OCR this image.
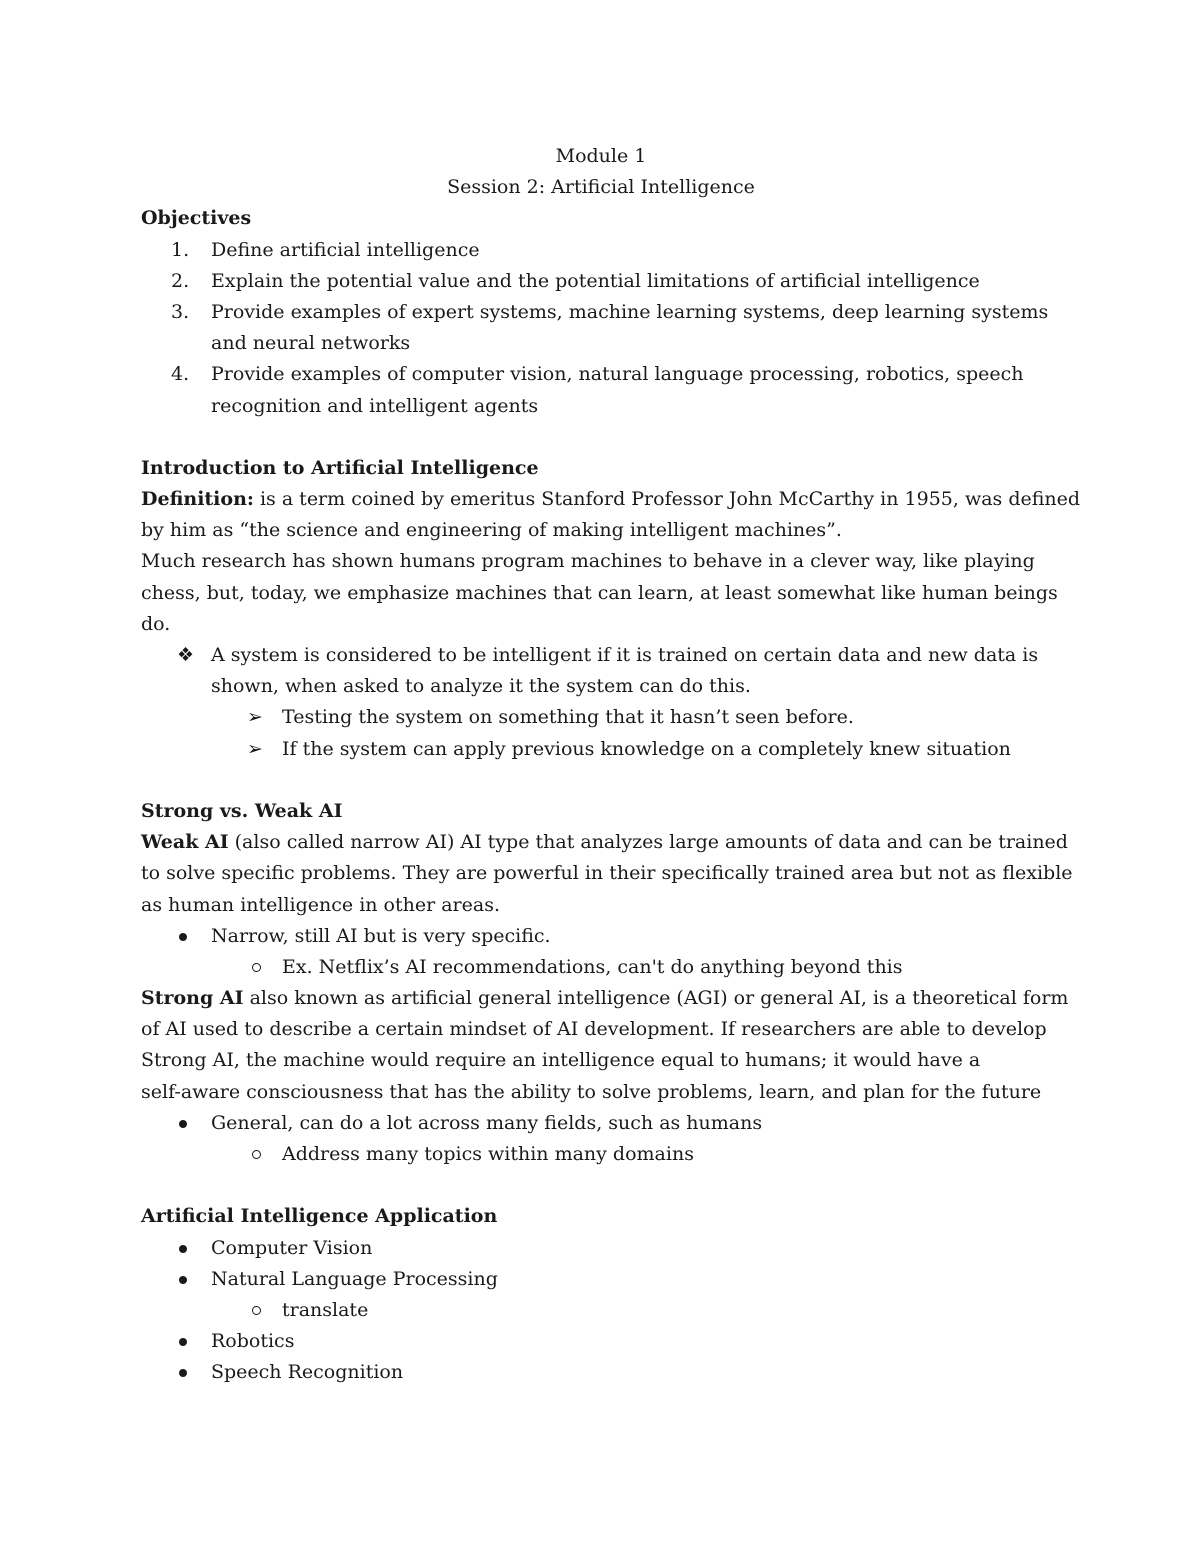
Module 1
Session 2: Artificial Intelligence
Objectives
1. Define artificial intelligence
2. Explain the potential value and the potential limitations of artificial intelligence
3. Provide examples of expert systems, machine learning systems, deep learning systems
and neural networks
4. Provide examples of computer vision, natural language processing, robotics, speech
recognition and intelligent agents
Introduction to Artificial Intelligence
Definition: is a term coined by emeritus Stanford Professor John McCarthy in 1955, was defined
by him as “the science and engineering of making intelligent machines”.
Much research has shown humans program machines to behave in a clever way, like playing
chess, but, today, we emphasize machines that can learn, at least somewhat like human beings
do.
❖ A system is considered to be intelligent if it is trained on certain data and new data is
shown, when asked to analyze it the system can do this.
➢ Testing the system on something that it hasn’t seen before.
➢ If the system can apply previous knowledge on a completely knew situation
Strong vs. Weak AI
Weak AI (also called narrow AI) AI type that analyzes large amounts of data and can be trained
to solve specific problems. They are powerful in their specifically trained area but not as flexible
as human intelligence in other areas.
Narrow, still AI but is very specific.
Ex. Netflix’s AI recommendations, can't do anything beyond this
Strong AI also known as artificial general intelligence (AGI) or general AI, is a theoretical form
of AI used to describe a certain mindset of AI development. If researchers are able to develop
Strong AI, the machine would require an intelligence equal to humans; it would have a
self-aware consciousness that has the ability to solve problems, learn, and plan for the future
General, can do a lot across many fields, such as humans
Address many topics within many domains
Artificial Intelligence Application
Computer Vision
Natural Language Processing
translate
Robotics
Speech Recognition
